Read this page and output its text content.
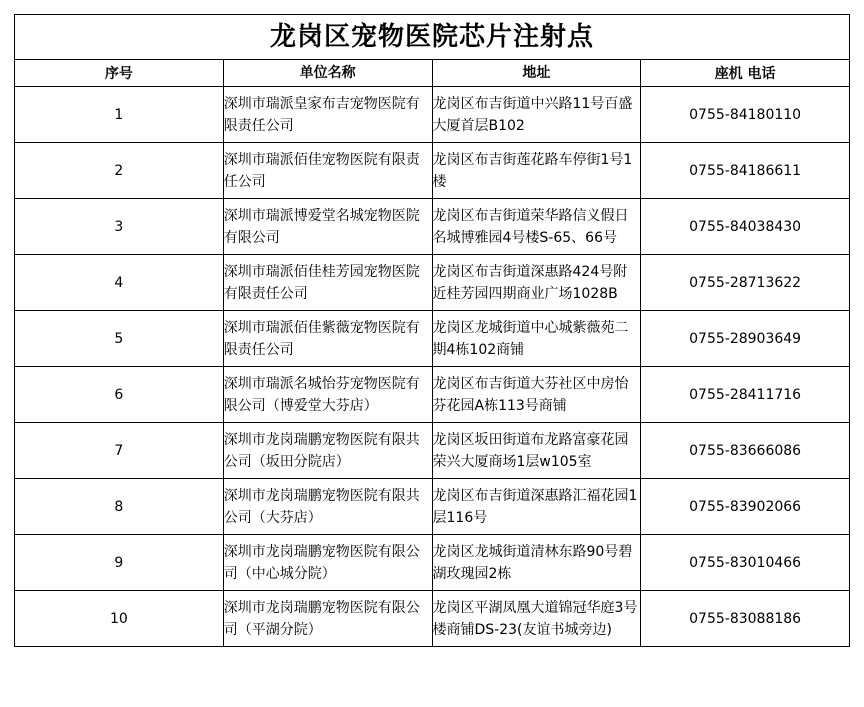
龙岗区宠物医院芯片注射点			
序号	单位名称	地址	座机 电话
1	深圳市瑞派皇家布吉宠物医院有限责任公司	龙岗区布吉街道中兴路11号百盛大厦首层B102	0755-84180110
2	深圳市瑞派佰佳宠物医院有限责任公司	龙岗区布吉街莲花路车停街1号1楼	0755-84186611
3	深圳市瑞派博爱堂名城宠物医院有限公司	龙岗区布吉街道荣华路信义假日名城博雅园4号楼S-65、66号	0755-84038430
4	深圳市瑞派佰佳桂芳园宠物医院有限责任公司	龙岗区布吉街道深惠路424号附近桂芳园四期商业广场1028B	0755-28713622
5	深圳市瑞派佰佳紫薇宠物医院有限责任公司	龙岗区龙城街道中心城紫薇苑二期4栋102商铺	0755-28903649
6	深圳市瑞派名城怡芬宠物医院有限公司（博爱堂大芬店）	龙岗区布吉街道大芬社区中房怡芬花园A栋113号商铺	0755-28411716
7	深圳市龙岗瑞鹏宠物医院有限共公司（坂田分院店）	龙岗区坂田街道布龙路富豪花园荣兴大厦商场1层w105室	0755-83666086
8	深圳市龙岗瑞鹏宠物医院有限共公司（大芬店）	龙岗区布吉街道深惠路汇福花园1层116号	0755-83902066
9	深圳市龙岗瑞鹏宠物医院有限公司（中心城分院）	龙岗区龙城街道清林东路90号碧湖玫瑰园2栋	0755-83010466
10	深圳市龙岗瑞鹏宠物医院有限公司（平湖分院）	龙岗区平湖凤凰大道锦冠华庭3号楼商铺DS-23(友谊书城旁边)	0755-83088186
